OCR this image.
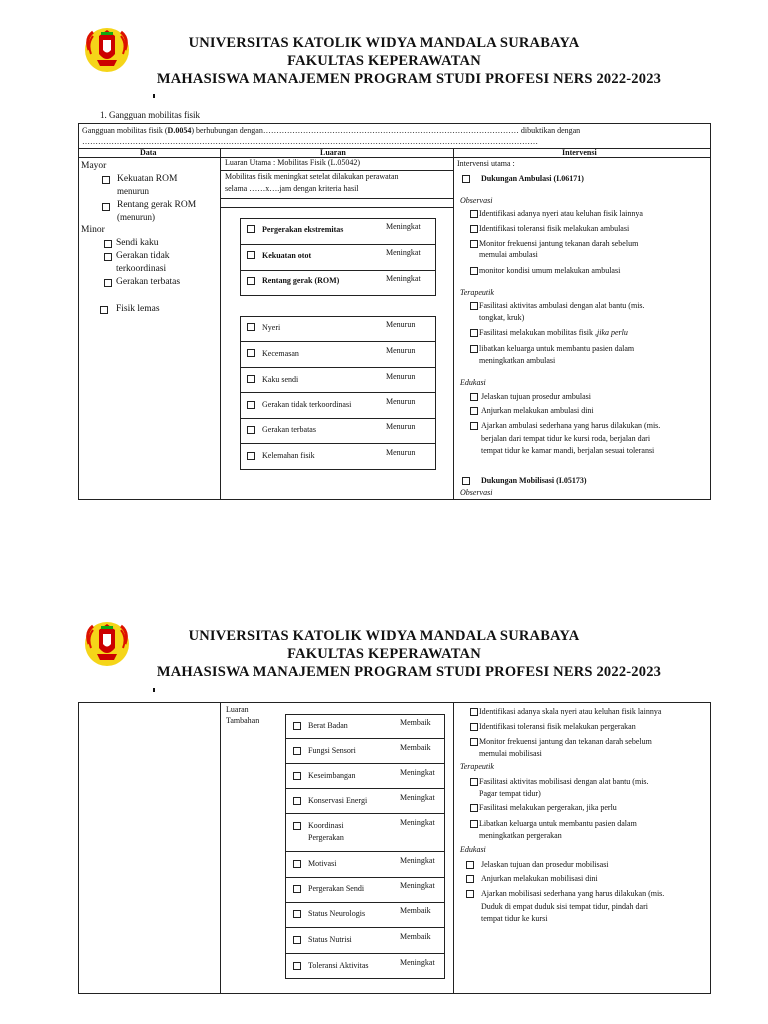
UNIVERSITAS KATOLIK WIDYA MANDALA SURABAYA
FAKULTAS KEPERAWATAN
MAHASISWA MANAJEMEN PROGRAM STUDI PROFESI NERS 2022-2023
1. Gangguan mobilitas fisik
Gangguan mobilitas fisik (D.0054) berhubungan dengan…………………………………………………………………………………… dibuktikan dengan
………………………………………………………………………………………………………………………………………………………
Data	Luaran	Intervensi
Mayor
Kekuatan ROM
menurun
Rentang gerak ROM
(menurun)
Minor
Sendi kaku
Gerakan tidak
terkoordinasi
Gerakan terbatas
Fisik lemas
Luaran Utama : Mobilitas Fisik (L.05042)
Mobilitas fisik meningkat setelat dilakukan perawatan
selama ……x….jam dengan kriteria hasil
Pergerakan ekstremitas	Meningkat
Kekuatan otot	Meningkat
Rentang gerak (ROM)	Meningkat
Nyeri	Menurun
Kecemasan	Menurun
Kaku sendi	Menurun
Gerakan tidak terkoordinasi	Menurun
Gerakan terbatas	Menurun
Kelemahan fisik	Menurun
Intervensi utama :
Dukungan Ambulasi (I.06171)
Observasi
Identifikasi adanya nyeri atau keluhan fisik lainnya
Identifikasi toleransi fisik melakukan ambulasi
Monitor frekuensi jantung tekanan darah sebelum
memulai ambulasi
monitor kondisi umum melakukan ambulasi
Terapeutik
Fasilitasi aktivitas ambulasi dengan alat bantu (mis.
tongkat, kruk)
Fasilitasi melakukan mobilitas fisik ,jika perlu
libatkan keluarga untuk membantu pasien dalam
meningkatkan ambulasi
Edukasi
Jelaskan tujuan prosedur ambulasi
Anjurkan melakukan ambulasi dini
Ajarkan ambulasi sederhana yang harus dilakukan (mis.
berjalan dari tempat tidur ke kursi roda, berjalan dari
tempat tidur ke kamar mandi, berjalan sesuai toleransi
Dukungan Mobilisasi (I.05173)
Observasi
UNIVERSITAS KATOLIK WIDYA MANDALA SURABAYA
FAKULTAS KEPERAWATAN
MAHASISWA MANAJEMEN PROGRAM STUDI PROFESI NERS 2022-2023
Luaran
Tambahan
Berat Badan	Membaik
Fungsi Sensori	Membaik
Keseimbangan	Meningkat
Konservasi Energi	Meningkat
Koordinasi
Pergerakan
Meningkat
Motivasi	Meningkat
Pergerakan Sendi	Meningkat
Status Neurologis	Membaik
Status Nutrisi	Membaik
Toleransi Aktivitas	Meningkat
Identifikasi adanya skala nyeri atau keluhan fisik lainnya
Identifikasi toleransi fisik melakukan pergerakan
Monitor frekuensi jantung dan tekanan darah sebelum
memulai mobilisasi
Terapeutik
Fasilitasi aktivitas mobilisasi dengan alat bantu (mis.
Pagar tempat tidur)
Fasilitasi melakukan pergerakan, jika perlu
Libatkan keluarga untuk membantu pasien dalam
meningkatkan pergerakan
Edukasi
Jelaskan tujuan dan prosedur mobilisasi
Anjurkan melakukan mobilisasi dini
Ajarkan mobilisasi sederhana yang harus dilakukan (mis.
Duduk di empat duduk sisi tempat tidur, pindah dari
tempat tidur ke kursi
